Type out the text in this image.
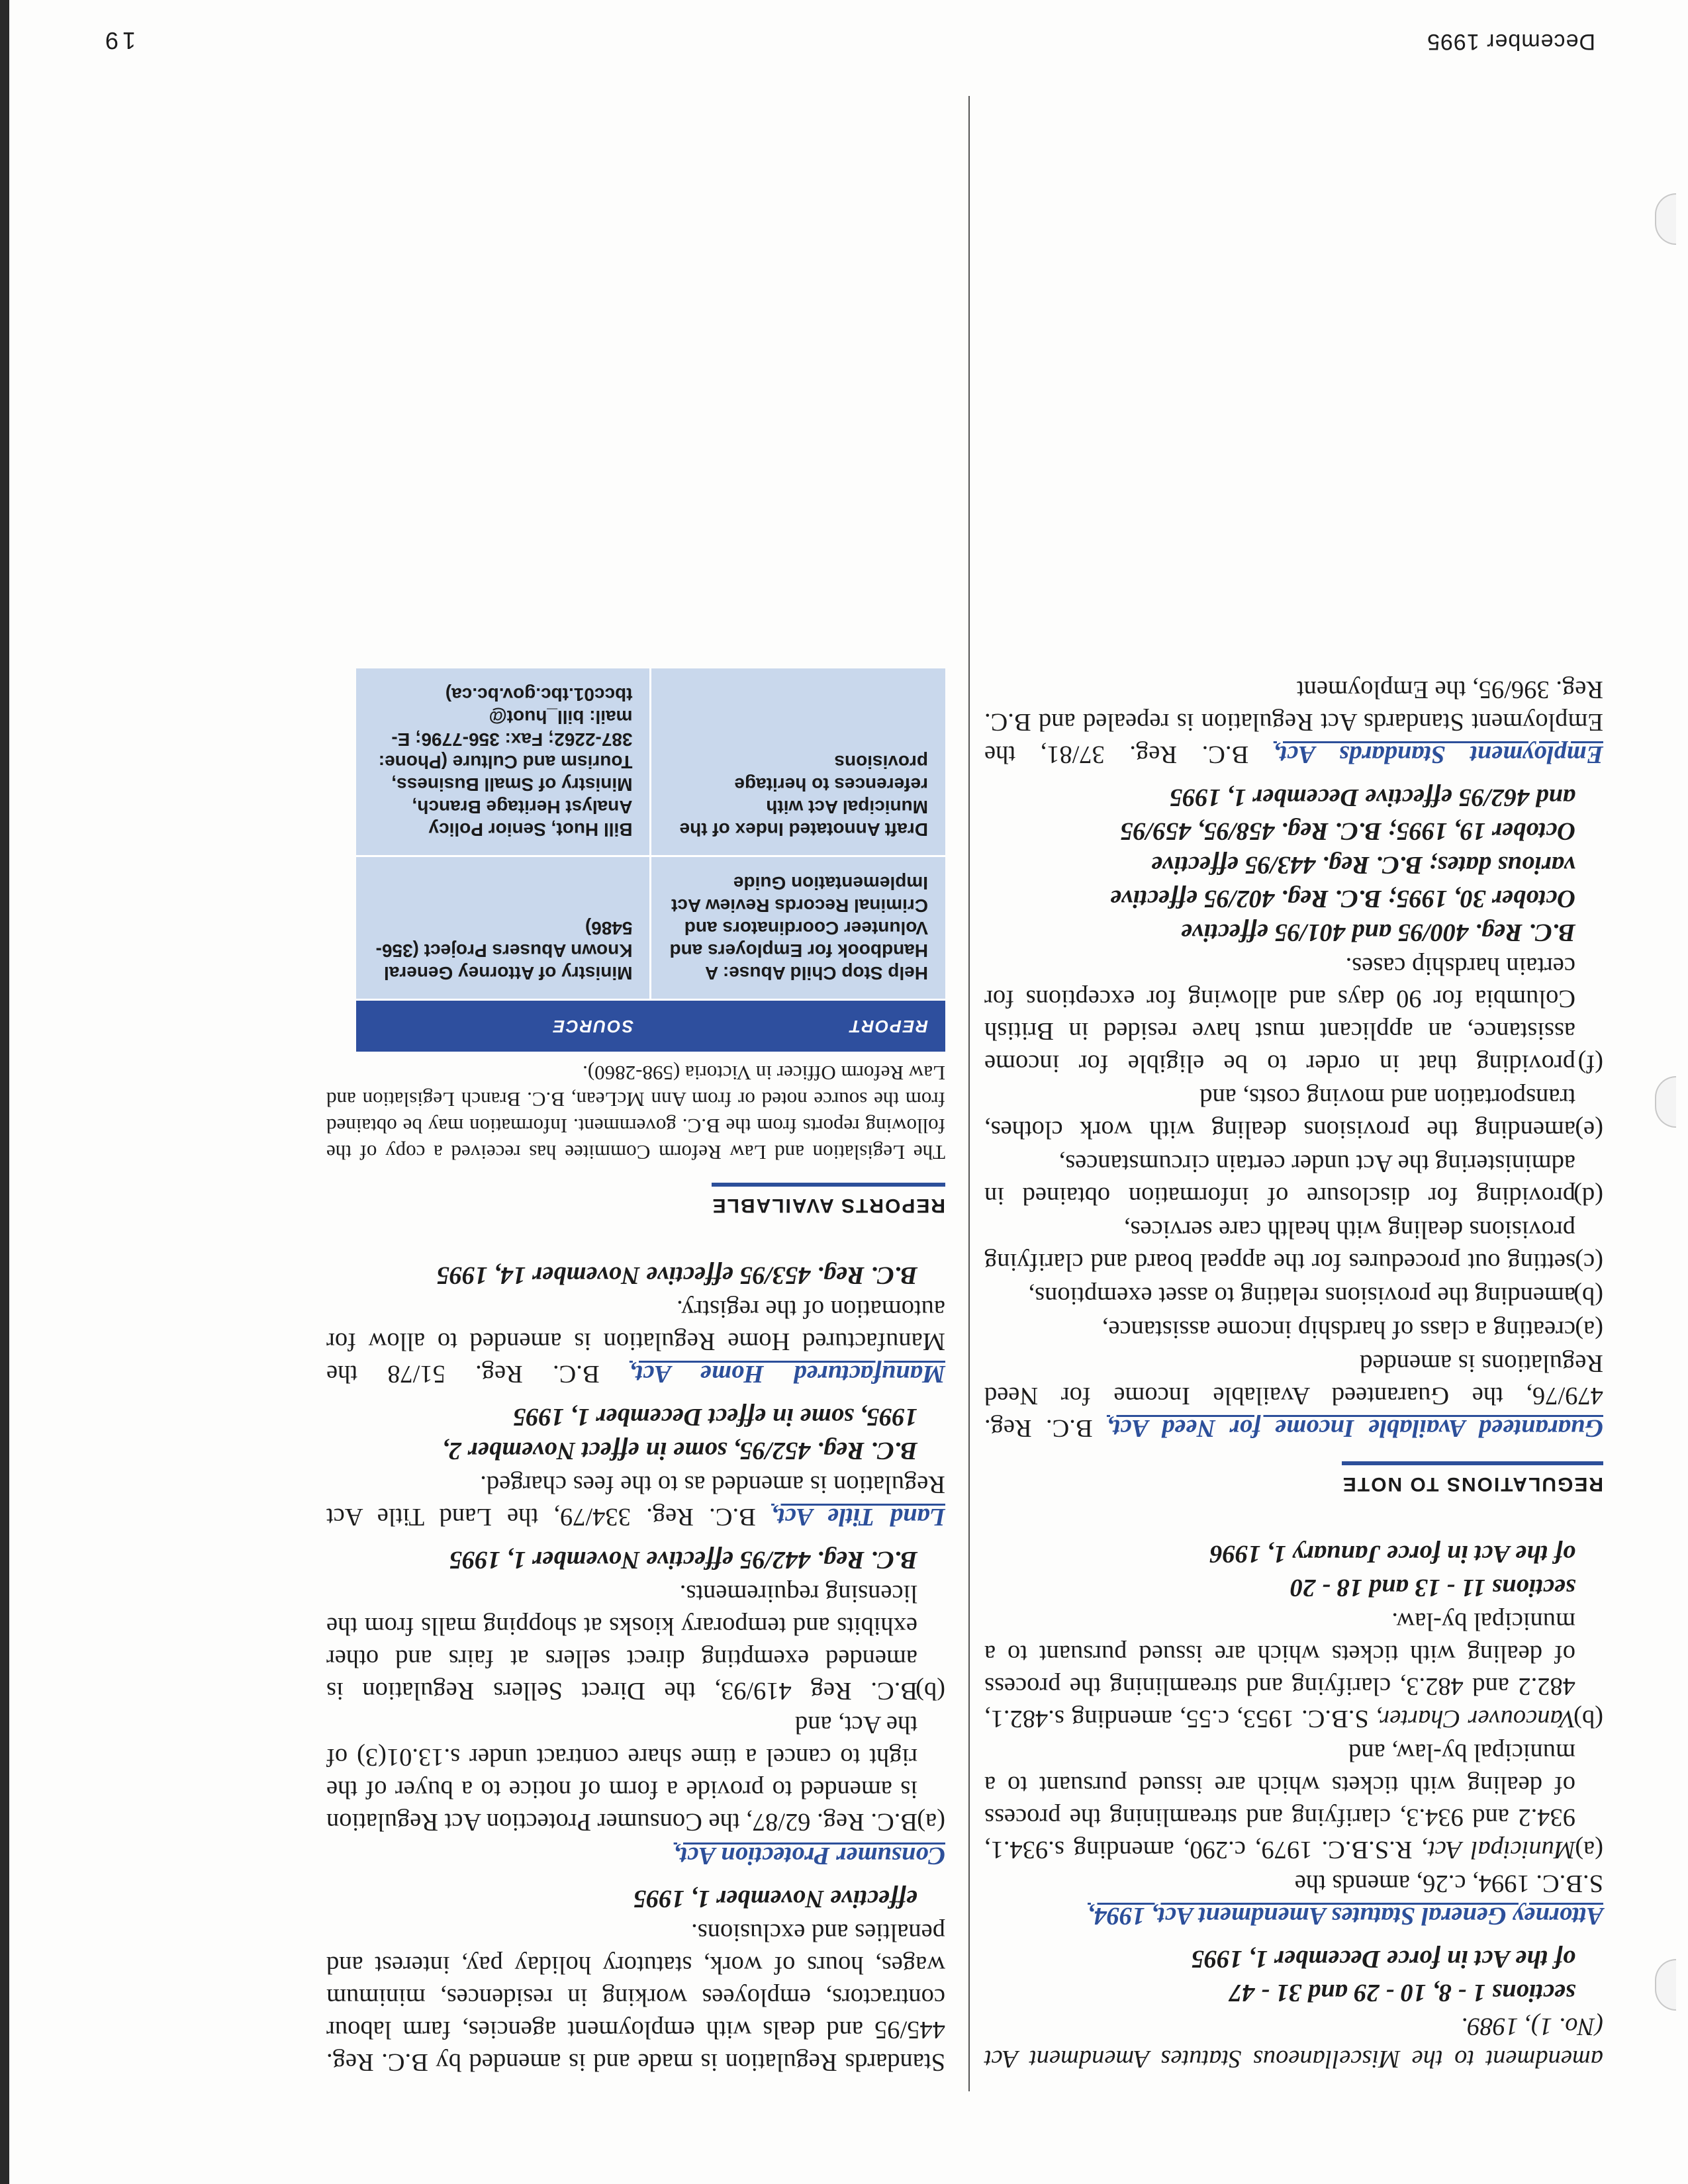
amendment to the Miscellaneous Statutes Amendment Act (No. 1), 1989.

sections 1 - 8, 10 - 29 and 31 - 47

of the Act in force December 1, 1995

Attorney General Statutes Amendment Act, 1994,
S.B.C. 1994, c.26, amends the

(a)
Municipal Act, R.S.B.C. 1979, c.290, amending s.934.1, 934.2 and 934.3, clarifying and streamlining the process of dealing with tickets which are issued pursuant to a municipal by-law, and

(b)
Vancouver Charter, S.B.C. 1953, c.55, amending s.482.1, 482.2 and 482.3, clarifying and streamlining the process of dealing with tickets which are issued pursuant to a municipal by-law.

sections 11 - 13 and 18 - 20

of the Act in force January 1, 1996

REGULATIONS TO NOTE

Guaranteed Available Income for Need Act, B.C. Reg. 479/76, the Guaranteed Available Income for Need Regulations is amended

(a)
creating a class of hardship income assistance,

(b)
amending the provisions relating to asset exemptions,

(c)
setting out procedures for the appeal board and clarifying provisions dealing with health care services,

(d)
providing for disclosure of information obtained in administering the Act under certain circumstances,

(e)
amending the provisions dealing with work clothes, transportation and moving costs, and

(f)
providing that in order to be eligible for income assistance, an applicant must have resided in British Columbia for 90 days and allowing for exceptions for certain hardship cases.

B.C. Reg. 400/95 and 401/95 effective

October 30, 1995; B.C. Reg. 402/95 effective

various dates; B.C. Reg. 443/95 effective

October 19, 1995; B.C. Reg. 458/95, 459/95

and 462/95 effective December 1, 1995

Employment Standards Act, B.C. Reg. 37/81, the Employment Standards Act Regulation is repealed and B.C. Reg. 396/95, the Employment

Standards Regulation is made and is amended by B.C. Reg. 445/95 and deals with employment agencies, farm labour contractors, employees working in residences, minimum wages, hours of work, statutory holiday pay, interest and penalties and exclusions.

effective November 1, 1995

Consumer Protection Act,

(a)
B.C. Reg. 62/87, the Consumer Protection Act Regulation is amended to provide a form of notice to a buyer of the right to cancel a time share contract under s.13.01(3) of the Act, and

(b)
B.C. Reg 419/93, the Direct Sellers Regulation is amended exempting direct sellers at fairs and other exhibits and temporary kiosks at shopping malls from the licensing requirements.

B.C. Reg. 442/95 effective November 1, 1995

Land Title Act, B.C. Reg. 334/79, the Land Title Act Regulation is amended as to the fees charged.

B.C. Reg. 452/95, some in effect November 2,

1995, some in effect December 1, 1995

Manufactured Home Act, B.C. Reg. 51/78 the Manufactured Home Regulation is amended to allow for automation of the registry.

B.C. Reg. 453/95 effective November 14, 1995

REPORTS AVAILABLE

The Legislation and Law Reform Commitee has received a copy of the following reports from the B.C. government. Information may be obtained from the source noted or from Ann McLean, B.C. Branch Legislation and Law Reform Officer in Victoria (598-2860).

REPORT	SOURCE
Help Stop Child Abuse: A Handbook for Employers and Volunteer Coordinators and Criminal Records Review Act Implementation Guide	Ministry of Attorney General Known Abusers Project (356-5486)
Draft Annotated Index of the Municipal Act with references to heritage provisions	Bill Huot, Senior Policy Analyst Heritage Branch, Ministry of Small Business, Tourism and Culture (Phone: 387-2262; Fax: 356-7796; E-mail: bill_huot@ tbcc01.tbc.gov.bc.ca)
December 1995
19
